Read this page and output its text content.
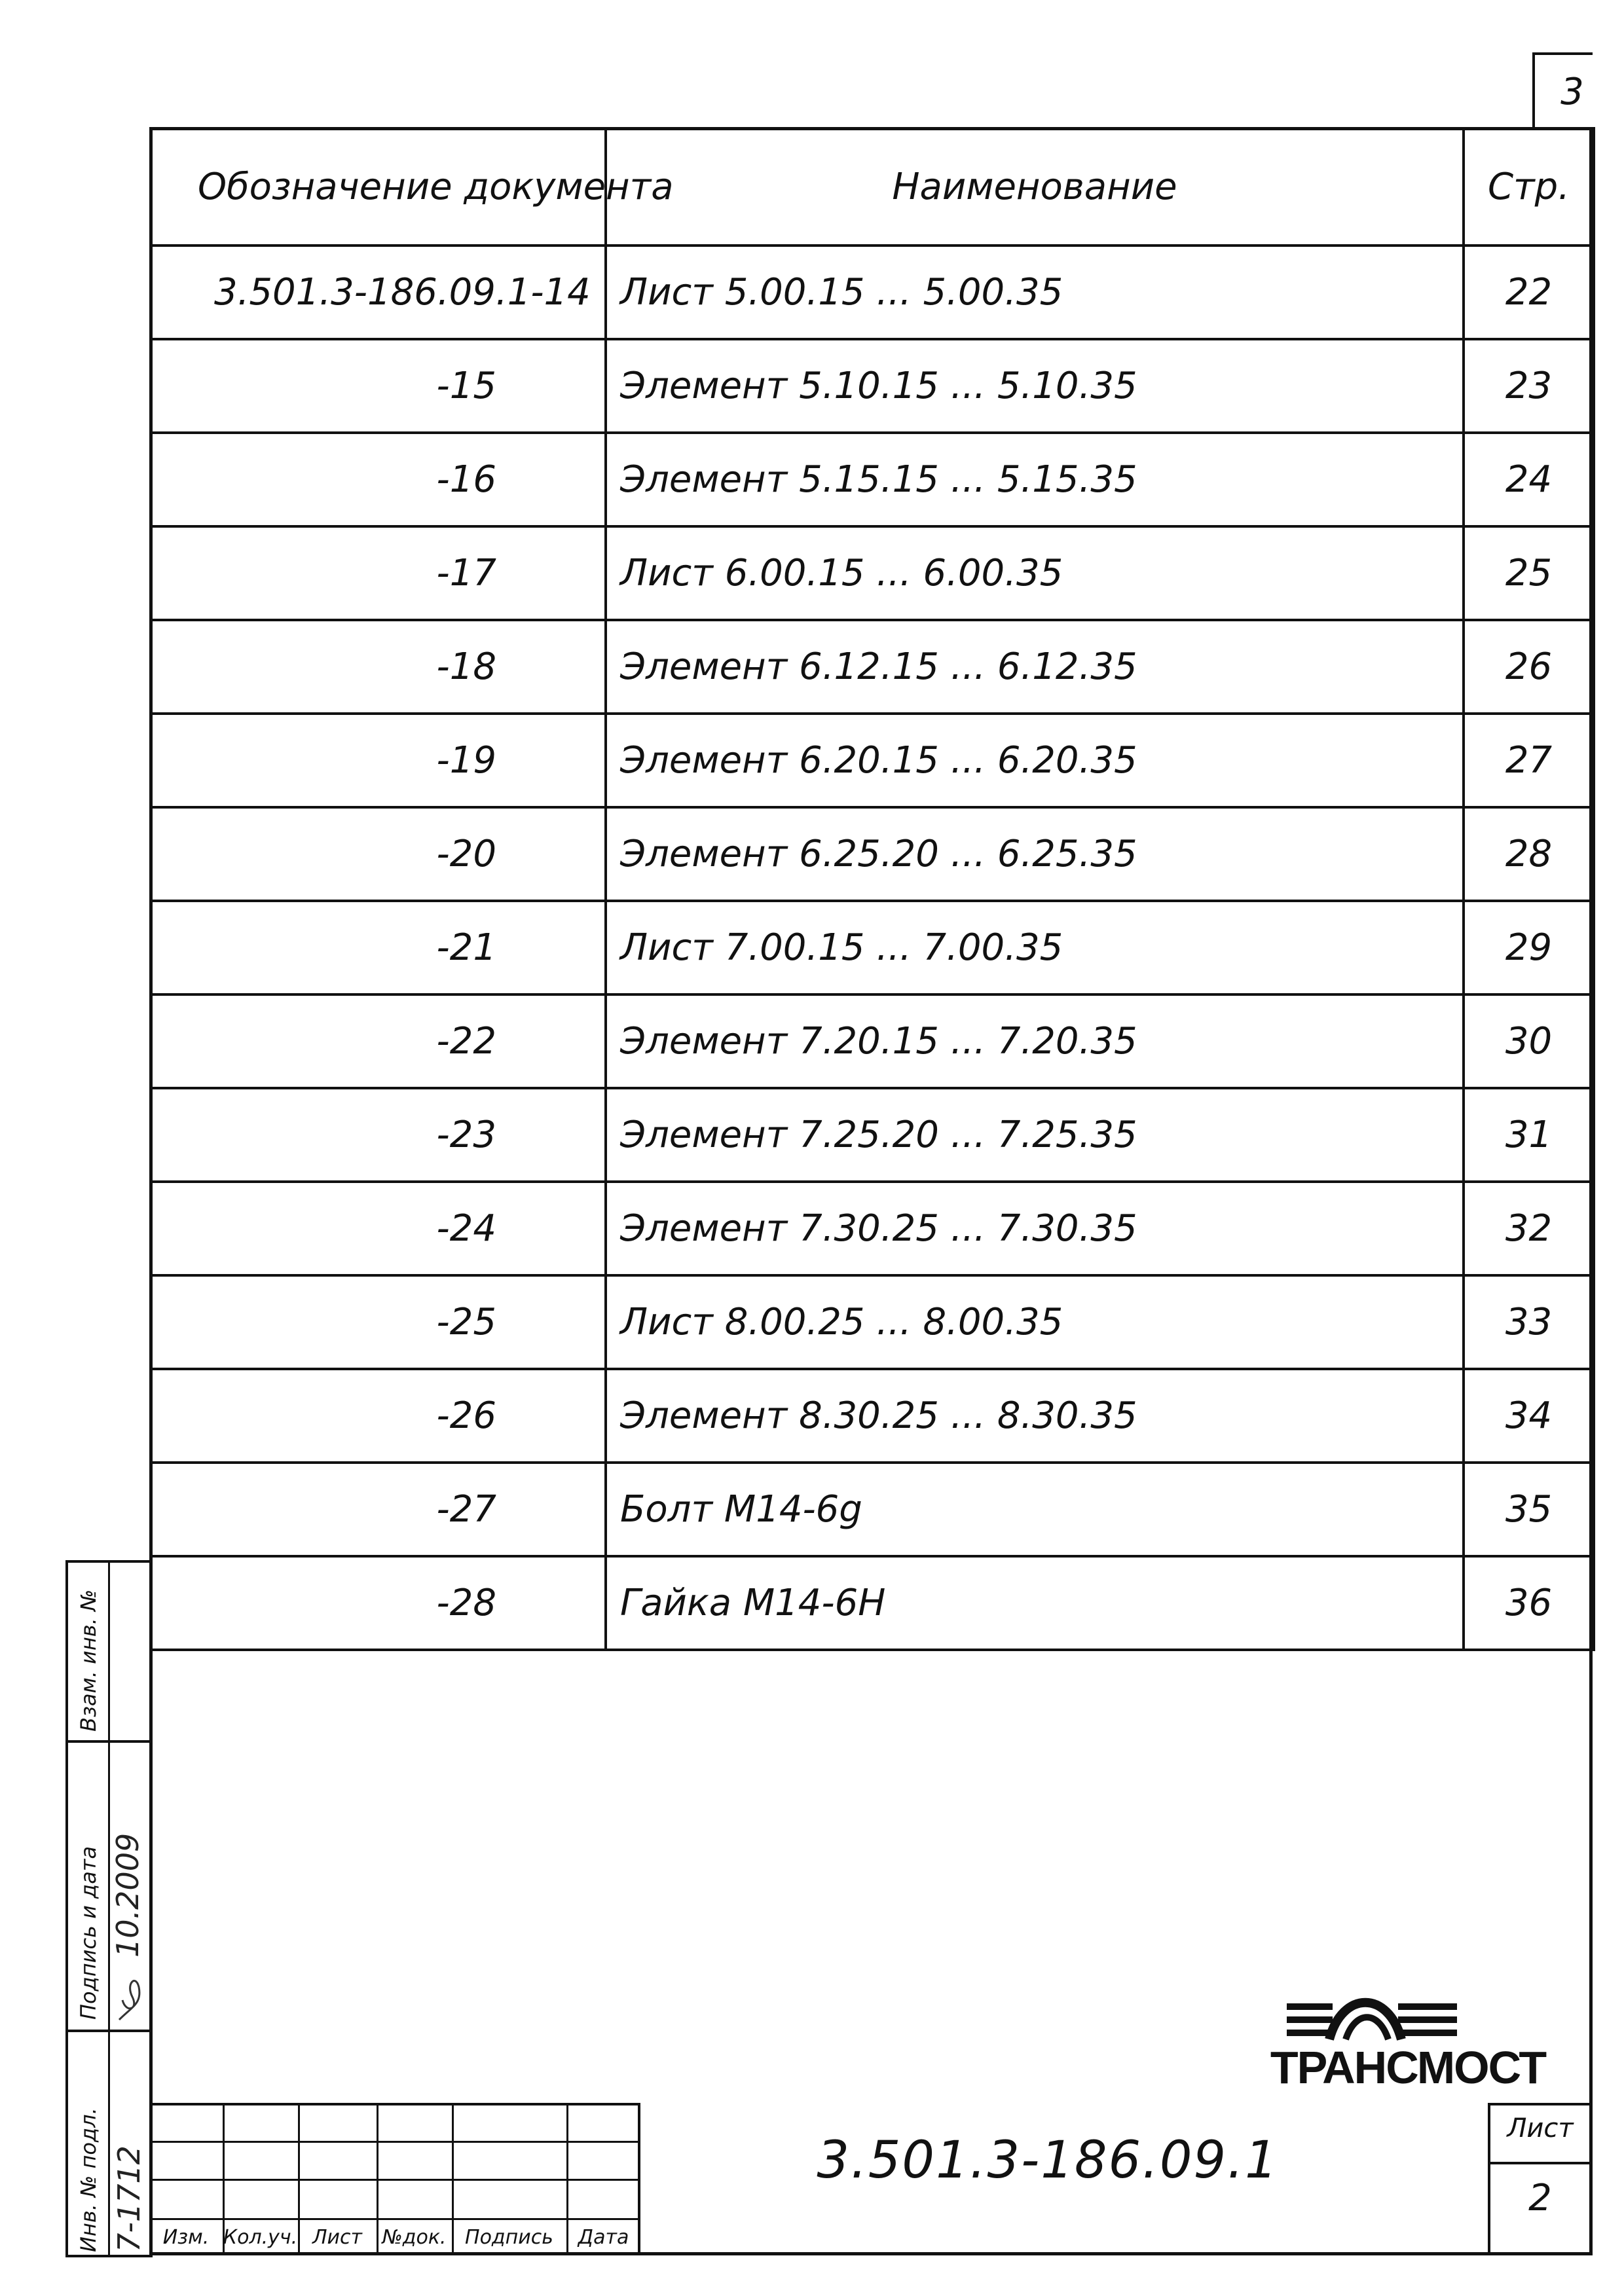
3
Обозначение документа	Наименование	Стр.
3.501.3-186.09.1-14	Лист 5.00.15 ... 5.00.35	22
-15	Элемент 5.10.15 ... 5.10.35	23
-16	Элемент 5.15.15 ... 5.15.35	24
-17	Лист 6.00.15 ... 6.00.35	25
-18	Элемент 6.12.15 ... 6.12.35	26
-19	Элемент 6.20.15 ... 6.20.35	27
-20	Элемент 6.25.20 ... 6.25.35	28
-21	Лист 7.00.15 ... 7.00.35	29
-22	Элемент 7.20.15 ... 7.20.35	30
-23	Элемент 7.25.20 ... 7.25.35	31
-24	Элемент 7.30.25 ... 7.30.35	32
-25	Лист 8.00.25 ... 8.00.35	33
-26	Элемент 8.30.25 ... 8.30.35	34
-27	Болт М14-6g	35
-28	Гайка М14-6Н	36
Взам. инв. №
Подпись и дата 10.2009
Инв. № подл. 7-1712 Изм. Кол.уч. Лист	№док. Подпись	Дата
3.501.3-186.09.1
Лист
2
ТРАНСМОСТ
